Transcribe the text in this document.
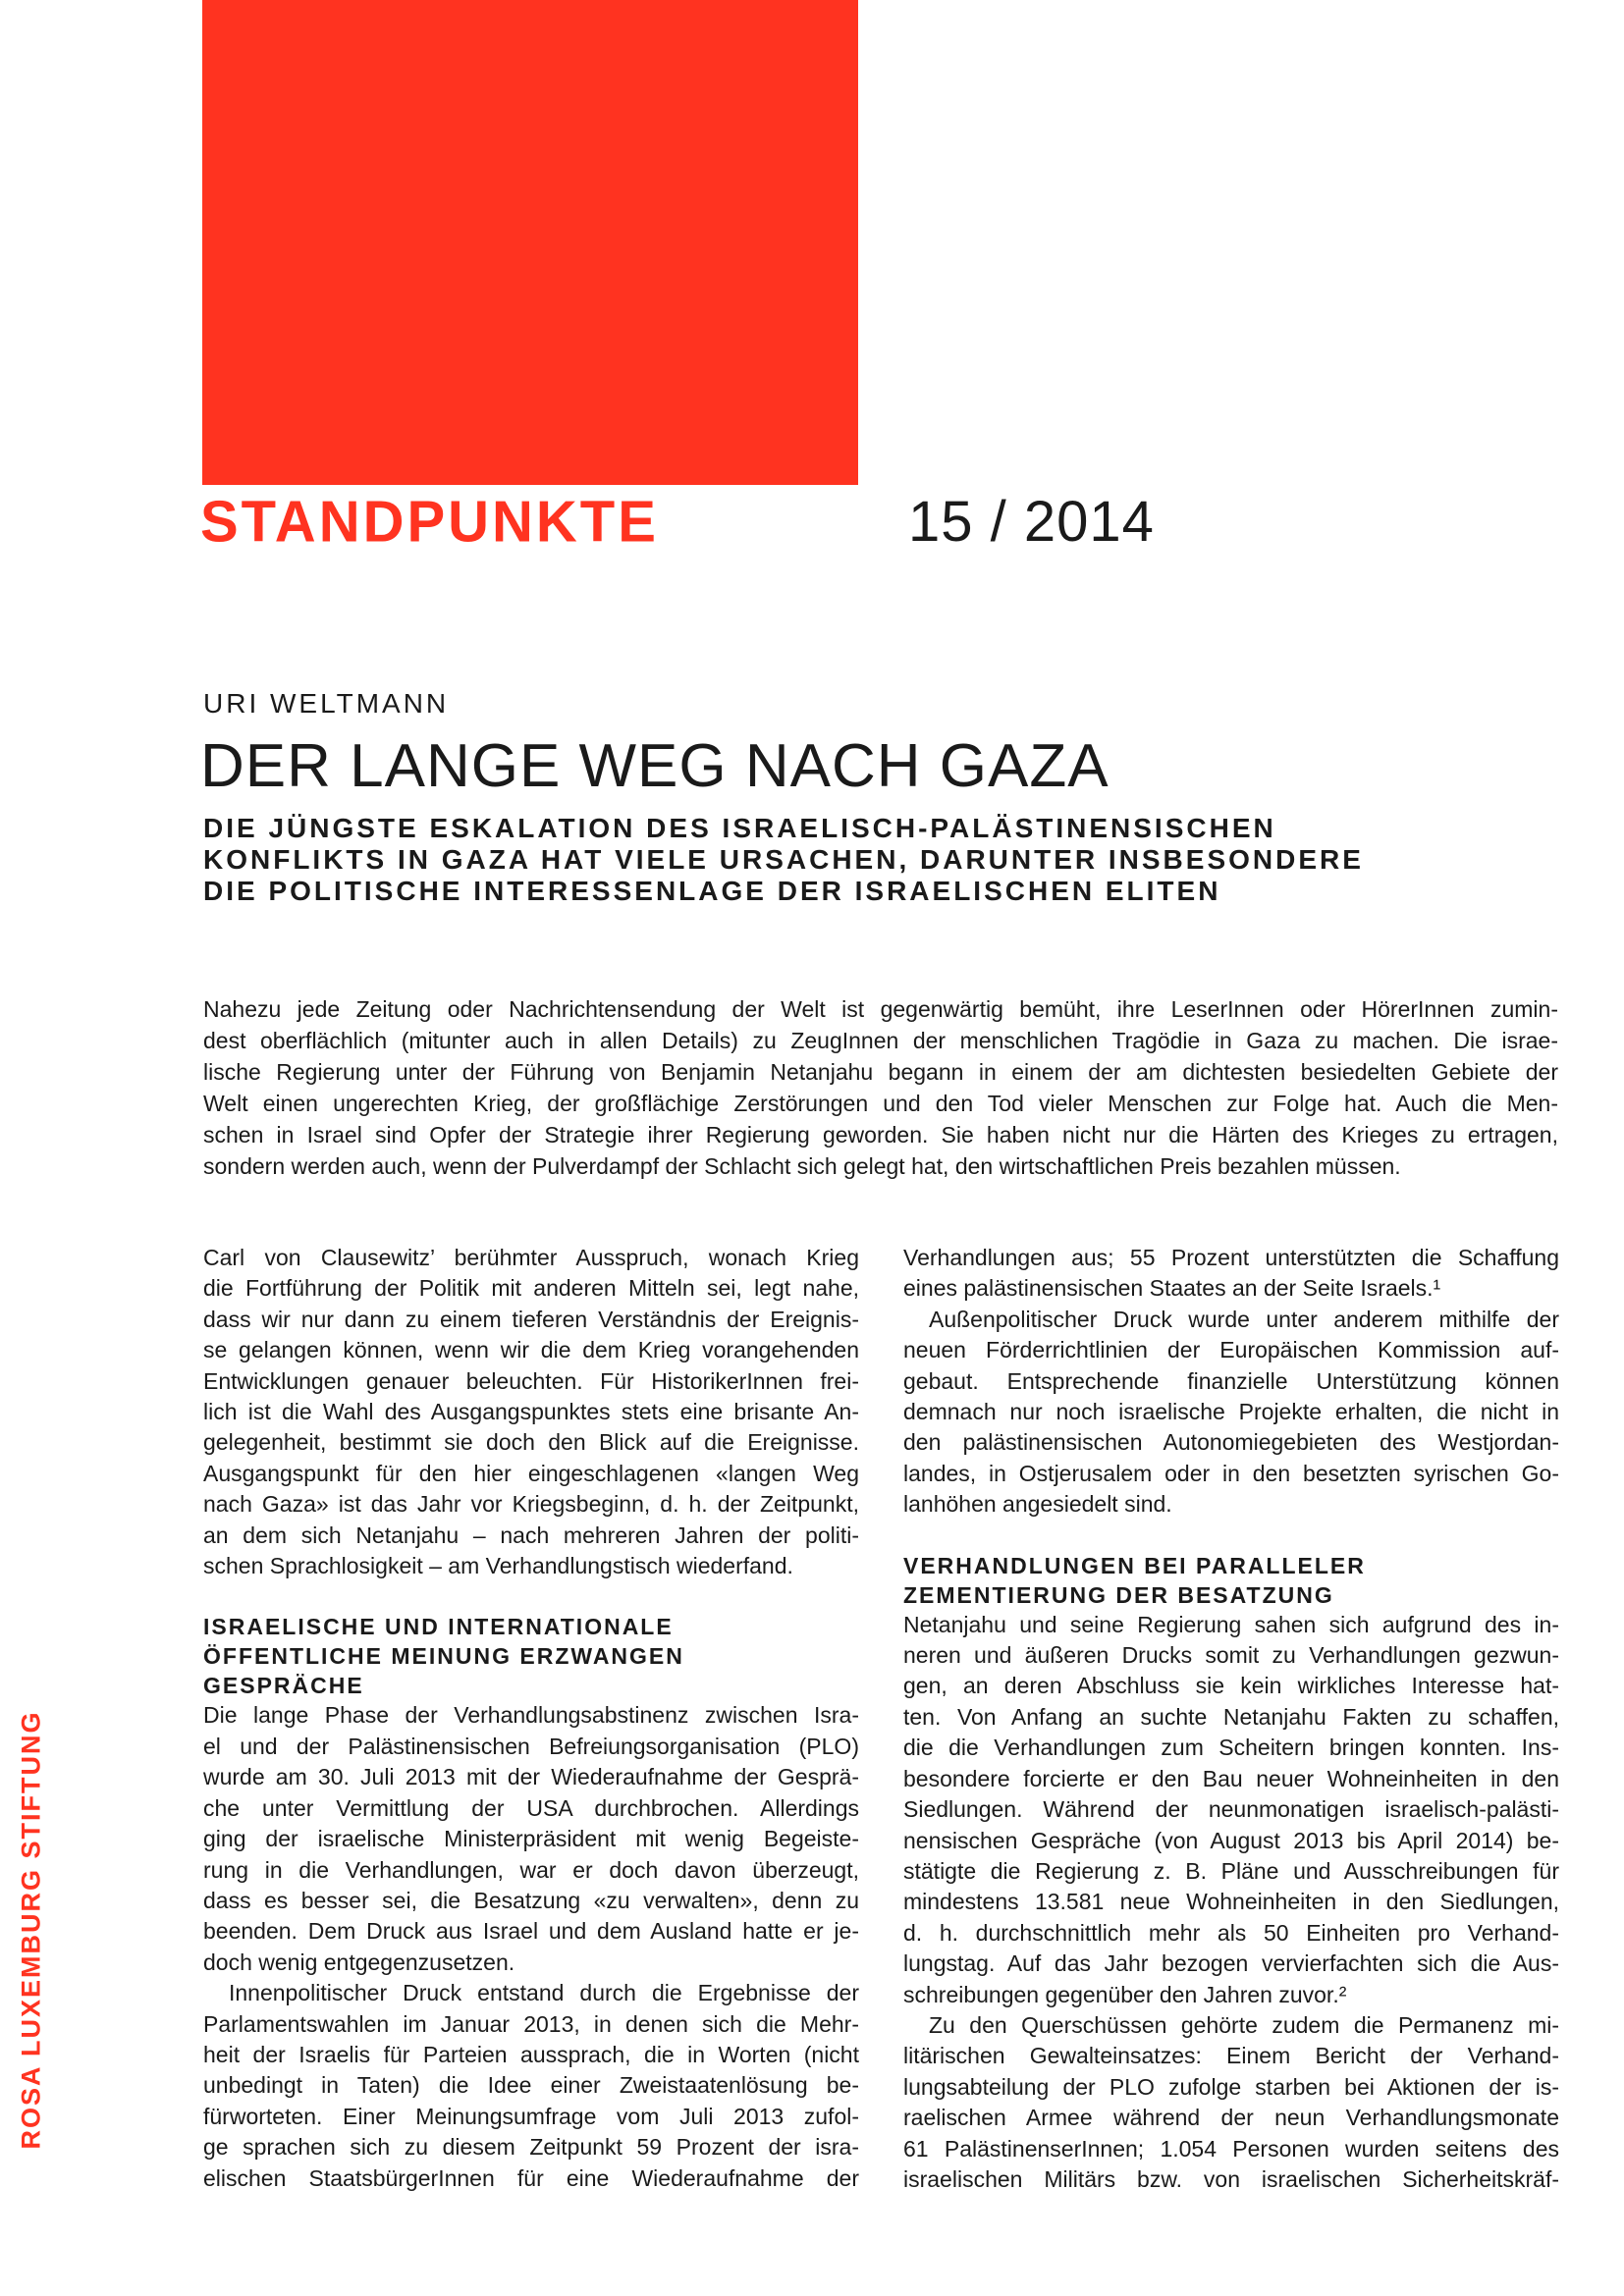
STANDPUNKTE	15 / 2014
URI WELTMANN
DER LANGE WEG NACH GAZA
DIE JÜNGSTE ESKALATION DES ISRAELISCH-PALÄSTINENSISCHEN
KONFLIKTS IN GAZA HAT VIELE URSACHEN, DARUNTER INSBESONDERE
DIE POLITISCHE INTERESSENLAGE DER ISRAELISCHEN ELITEN
Nahezu jede Zeitung oder Nachrichtensendung der Welt ist gegenwärtig bemüht, ihre LeserInnen oder HörerInnen zumin-
dest oberflächlich (mitunter auch in allen Details) zu ZeugInnen der menschlichen Tragödie in Gaza zu machen. Die israe-
lische Regierung unter der Führung von Benjamin Netanjahu begann in einem der am dichtesten besiedelten Gebiete der
Welt einen ungerechten Krieg, der großflächige Zerstörungen und den Tod vieler Menschen zur Folge hat. Auch die Men-
schen in Israel sind Opfer der Strategie ihrer Regierung geworden. Sie haben nicht nur die Härten des Krieges zu ertragen,
sondern werden auch, wenn der Pulverdampf der Schlacht sich gelegt hat, den wirtschaftlichen Preis bezahlen müssen.
Carl von Clausewitz’ berühmter Ausspruch, wonach Krieg
die Fortführung der Politik mit anderen Mitteln sei, legt nahe,
dass wir nur dann zu einem tieferen Verständnis der Ereignis-
se gelangen können, wenn wir die dem Krieg vorangehenden
Entwicklungen genauer beleuchten. Für HistorikerInnen frei-
lich ist die Wahl des Ausgangspunktes stets eine brisante An-
gelegenheit, bestimmt sie doch den Blick auf die Ereignisse.
Ausgangspunkt für den hier eingeschlagenen «langen Weg
nach Gaza» ist das Jahr vor Kriegsbeginn, d. h. der Zeitpunkt,
an dem sich Netanjahu – nach mehreren Jahren der politi-
schen Sprachlosigkeit – am Verhandlungstisch wiederfand.
ISRAELISCHE UND INTERNATIONALE
ÖFFENTLICHE MEINUNG ERZWANGEN
GESPRÄCHE
Die lange Phase der Verhandlungsabstinenz zwischen Isra-
el und der Palästinensischen Befreiungsorganisation (PLO)
wurde am 30. Juli 2013 mit der Wiederaufnahme der Gesprä-
che unter Vermittlung der USA durchbrochen. Allerdings
ging der israelische Ministerpräsident mit wenig Begeiste-
rung in die Verhandlungen, war er doch davon überzeugt,
dass es besser sei, die Besatzung «zu verwalten», denn zu
beenden. Dem Druck aus Israel und dem Ausland hatte er je-
doch wenig entgegenzusetzen.
Innenpolitischer Druck entstand durch die Ergebnisse der
Parlamentswahlen im Januar 2013, in denen sich die Mehr-
heit der Israelis für Parteien aussprach, die in Worten (nicht
unbedingt in Taten) die Idee einer Zweistaatenlösung be-
fürworteten. Einer Meinungsumfrage vom Juli 2013 zufol-
ge sprachen sich zu diesem Zeitpunkt 59 Prozent der isra-
elischen StaatsbürgerInnen für eine Wiederaufnahme der
Verhandlungen aus; 55 Prozent unterstützten die Schaffung
eines palästinensischen Staates an der Seite Israels.¹
Außenpolitischer Druck wurde unter anderem mithilfe der
neuen Förderrichtlinien der Europäischen Kommission auf-
gebaut. Entsprechende finanzielle Unterstützung können
demnach nur noch israelische Projekte erhalten, die nicht in
den palästinensischen Autonomiegebieten des Westjordan-
landes, in Ostjerusalem oder in den besetzten syrischen Go-
lanhöhen angesiedelt sind.
VERHANDLUNGEN BEI PARALLELER
ZEMENTIERUNG DER BESATZUNG
Netanjahu und seine Regierung sahen sich aufgrund des in-
neren und äußeren Drucks somit zu Verhandlungen gezwun-
gen, an deren Abschluss sie kein wirkliches Interesse hat-
ten. Von Anfang an suchte Netanjahu Fakten zu schaffen,
die die Verhandlungen zum Scheitern bringen konnten. Ins-
besondere forcierte er den Bau neuer Wohneinheiten in den
Siedlungen. Während der neunmonatigen israelisch-palästi-
nensischen Gespräche (von August 2013 bis April 2014) be-
stätigte die Regierung z. B. Pläne und Ausschreibungen für
mindestens 13.581 neue Wohneinheiten in den Siedlungen,
d. h. durchschnittlich mehr als 50 Einheiten pro Verhand-
lungstag. Auf das Jahr bezogen vervierfachten sich die Aus-
schreibungen gegenüber den Jahren zuvor.²
Zu den Querschüssen gehörte zudem die Permanenz mi-
litärischen Gewalteinsatzes: Einem Bericht der Verhand-
lungsabteilung der PLO zufolge starben bei Aktionen der is-
raelischen Armee während der neun Verhandlungsmonate
61 PalästinenserInnen; 1.054 Personen wurden seitens des
israelischen Militärs bzw. von israelischen Sicherheitskräf-
ROSA LUXEMBURG STIFTUNG
